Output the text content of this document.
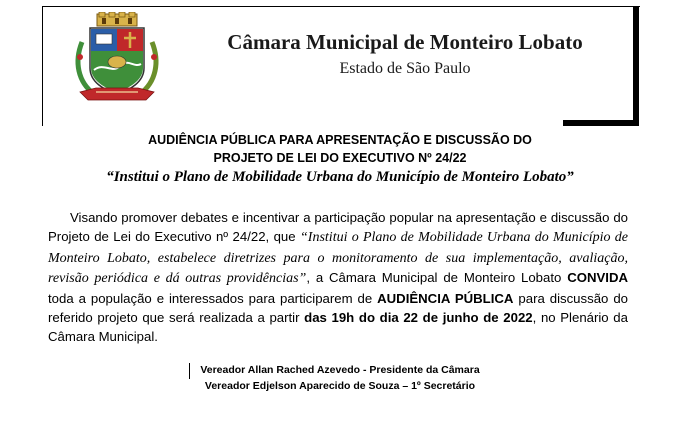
Câmara Municipal de Monteiro Lobato
Estado de São Paulo
AUDIÊNCIA PÚBLICA PARA APRESENTAÇÃO E DISCUSSÃO DO
PROJETO DE LEI DO EXECUTIVO Nº 24/22
“Institui o Plano de Mobilidade Urbana do Município de Monteiro Lobato”
Visando promover debates e incentivar a participação popular na apresentação e discussão do Projeto de Lei do Executivo nº 24/22, que “Institui o Plano de Mobilidade Urbana do Município de Monteiro Lobato, estabelece diretrizes para o monitoramento de sua implementação, avaliação, revisão periódica e dá outras providências”, a Câmara Municipal de Monteiro Lobato CONVIDA toda a população e interessados para participarem de AUDIÊNCIA PÚBLICA para discussão do referido projeto que será realizada a partir das 19h do dia 22 de junho de 2022, no Plenário da Câmara Municipal.
Vereador Allan Rached Azevedo - Presidente da Câmara
Vereador Edjelson Aparecido de Souza – 1º Secretário
